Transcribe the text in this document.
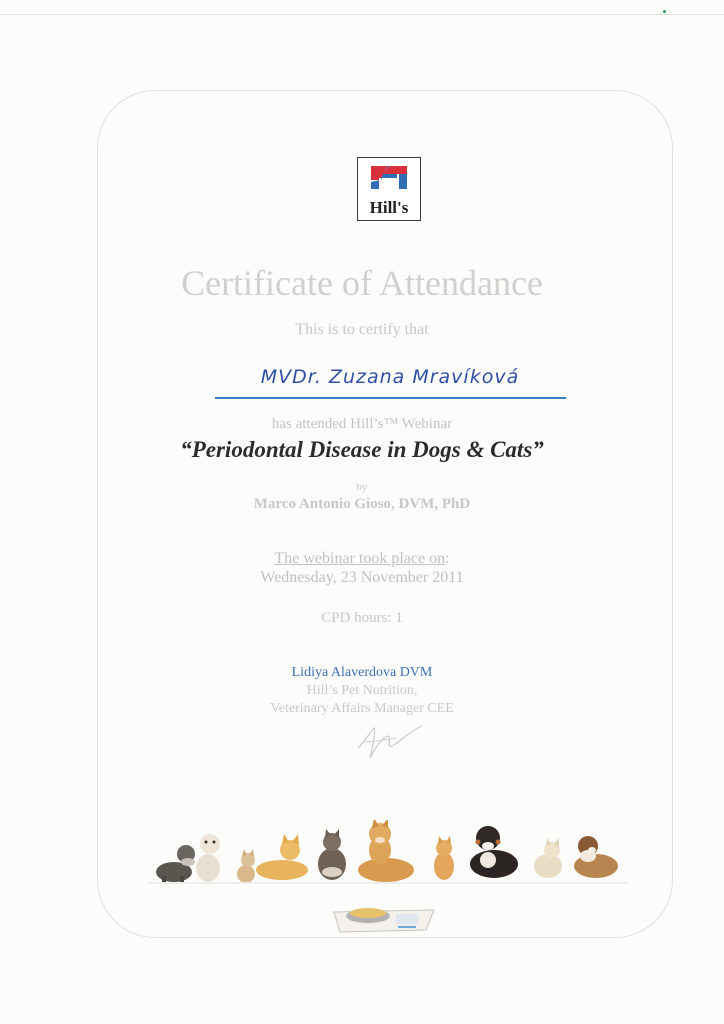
Hill's
Certificate of Attendance
This is to certify that
MVDr. Zuzana Mravíková
has attended Hill’s™ Webinar
“Periodontal Disease in Dogs & Cats”
by
Marco Antonio Gioso, DVM, PhD
The webinar took place on:
Wednesday, 23 November 2011
CPD hours: 1
Lidiya Alaverdova DVM
Hill’s Pet Nutrition,
Veterinary Affairs Manager CEE
